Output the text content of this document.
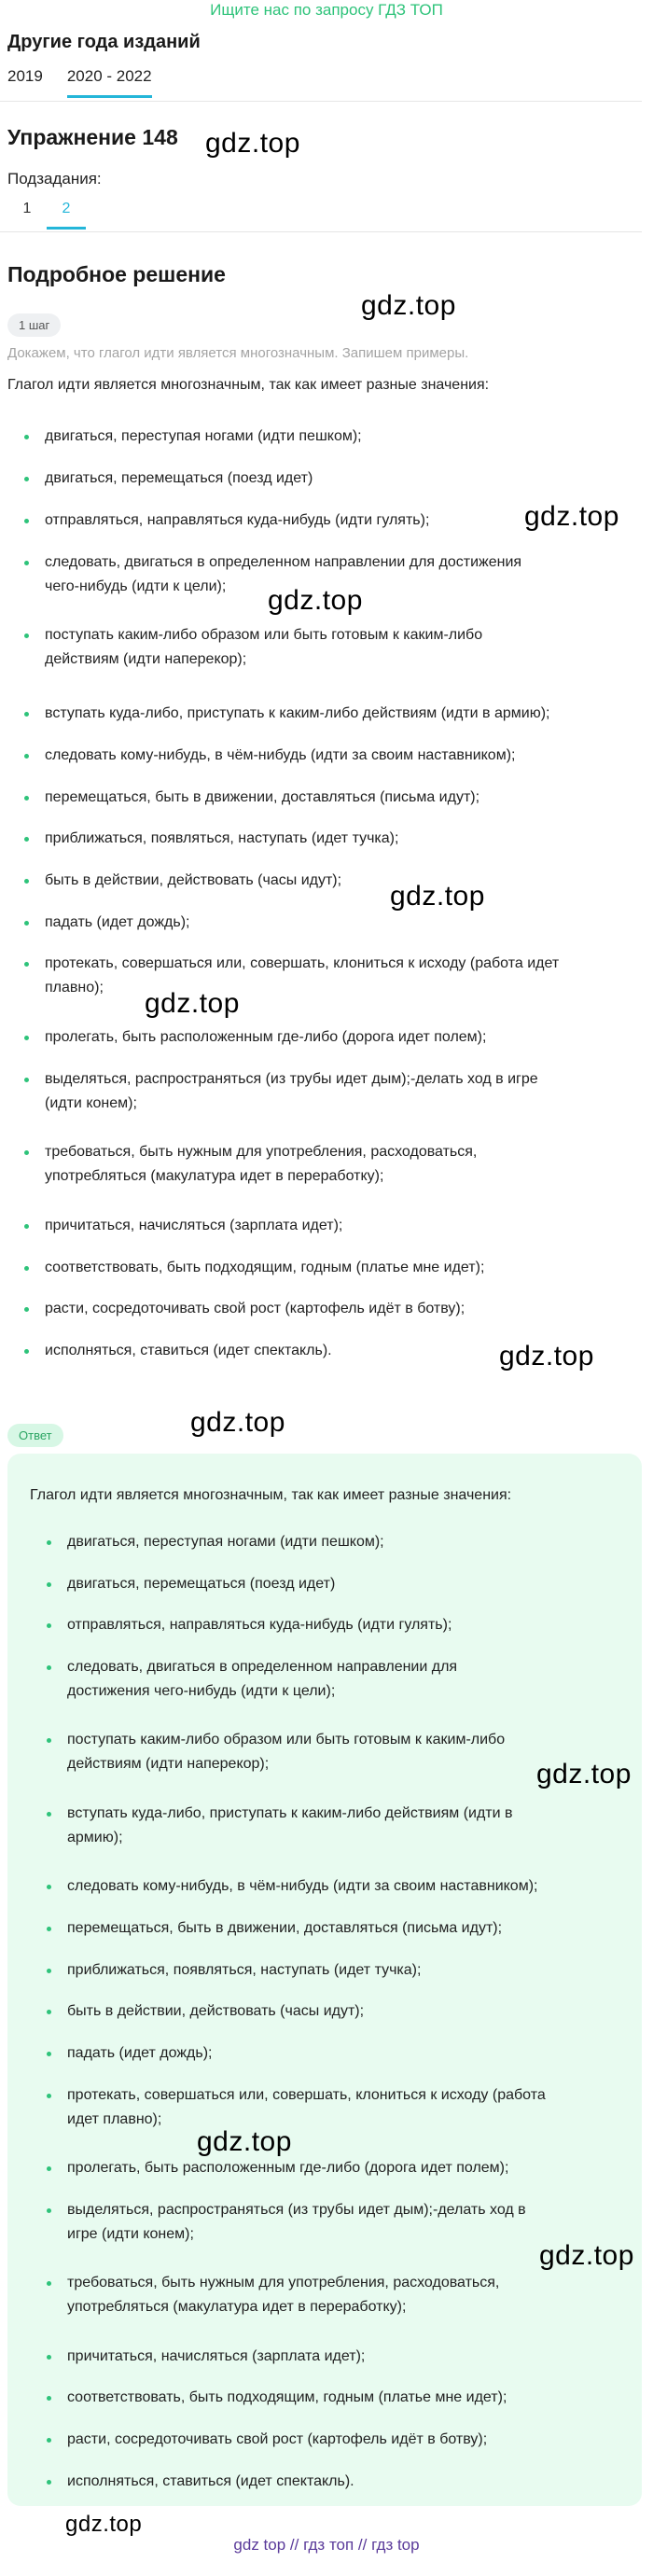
Ищите нас по запросу ГДЗ ТОП
Другие года изданий
2019 2020 - 2022
Упражнение 148
Подзадания:
1	2
Подробное решение
1 шаг
Докажем, что глагол идти является многозначным. Запишем примеры.
Глагол идти является многозначным, так как имеет разные значения:
двигаться, переступая ногами (идти пешком);
двигаться, перемещаться (поезд идет)
отправляться, направляться куда-нибудь (идти гулять);
следовать, двигаться в определенном направлении для достижения
чего-нибудь (идти к цели);
поступать каким-либо образом или быть готовым к каким-либо
действиям (идти наперекор);
вступать куда-либо, приступать к каким-либо действиям (идти в армию);
следовать кому-нибудь, в чём-нибудь (идти за своим наставником);
перемещаться, быть в движении, доставляться (письма идут);
приближаться, появляться, наступать (идет тучка);
быть в действии, действовать (часы идут);
падать (идет дождь);
протекать, совершаться или, совершать, клониться к исходу (работа идет
плавно);
пролегать, быть расположенным где-либо (дорога идет полем);
выделяться, распространяться (из трубы идет дым);-делать ход в игре
(идти конем);
требоваться, быть нужным для употребления, расходоваться,
употребляться (макулатура идет в переработку);
причитаться, начисляться (зарплата идет);
соответствовать, быть подходящим, годным (платье мне идет);
расти, сосредоточивать свой рост (картофель идёт в ботву);
исполняться, ставиться (идет спектакль).
Ответ
Глагол идти является многозначным, так как имеет разные значения:
двигаться, переступая ногами (идти пешком);
двигаться, перемещаться (поезд идет)
отправляться, направляться куда-нибудь (идти гулять);
следовать, двигаться в определенном направлении для
достижения чего-нибудь (идти к цели);
поступать каким-либо образом или быть готовым к каким-либо
действиям (идти наперекор);
вступать куда-либо, приступать к каким-либо действиям (идти в
армию);
следовать кому-нибудь, в чём-нибудь (идти за своим наставником);
перемещаться, быть в движении, доставляться (письма идут);
приближаться, появляться, наступать (идет тучка);
быть в действии, действовать (часы идут);
падать (идет дождь);
протекать, совершаться или, совершать, клониться к исходу (работа
идет плавно);
пролегать, быть расположенным где-либо (дорога идет полем);
выделяться, распространяться (из трубы идет дым);-делать ход в
игре (идти конем);
требоваться, быть нужным для употребления, расходоваться,
употребляться (макулатура идет в переработку);
причитаться, начисляться (зарплата идет);
соответствовать, быть подходящим, годным (платье мне идет);
расти, сосредоточивать свой рост (картофель идёт в ботву);
исполняться, ставиться (идет спектакль).
gdz.top
gdz.top
gdz.top
gdz.top
gdz.top
gdz.top
gdz.top
gdz.top
gdz.top
gdz.top
gdz.top
gdz.top
gdz top // гдз топ // гдз top
